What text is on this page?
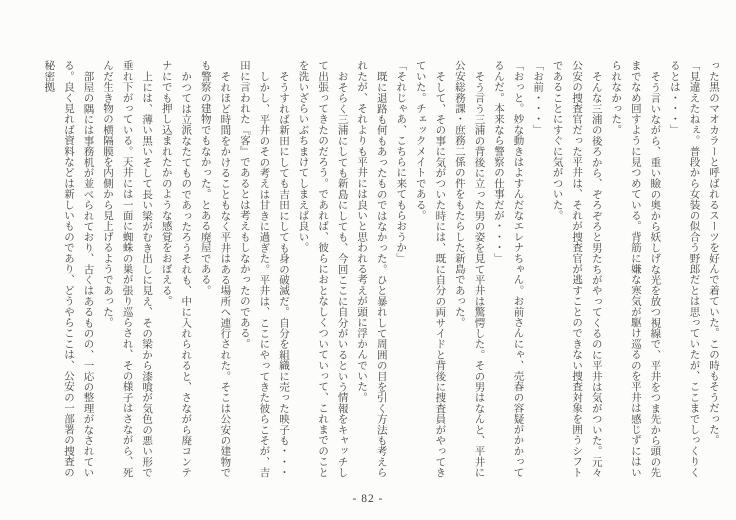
った黒のマオカラーと呼ばれるスーツを好んで着ていた。この時もそうだった。

「見違えたねぇ。普段から女装の似合う野郎だとは思っていたが、ここまでしっくりくるとは・・・」

そう言いながら、重い瞼の奥から妖しげな光を放つ視線で、平井をつま先から頭の先までなめ回すように見つめている。背筋に嫌な寒気が駆け巡るのを平井は感じずにはいられなかった。

そんな三浦の後ろから、ぞろぞろと男たちがやってくるのに平井は気がついた。元々公安の捜査官だった平井は、それが捜査官が逃すことのできない捜査対象を囲うシフトであることにすぐに気がついた。

「お前・・・」

「おっと。妙な動きはよすんだなエレナちゃん。お前さんにゃ、売春の容疑がかかってるんだ。本来なら警察の仕事だが・・・」

そう言う三浦の背後に立った男の姿を見て平井は驚愕した。その男はなんと、平井に公安総務課・庶務二係の件をもたらした新島であった。

そして、その事に気がついた時には、既に自分の両サイドと背後に捜査員がやってきていた。チェックメイトである。

「それじゃあ、こちらに来てもらおうか」

既に退路も何もあったものではなかった。ひと暴れして周囲の目を引く方法も考えられたが、それよりも平井には良いと思われる考えが頭に浮かんでいた。

おそらく三浦にしても新島にしても、今回ここに自分がいるという情報をキャッチして出張ってきたのだろう。であれば、彼らにおとなしくついていって、これまでのことを洗いざらいぶちまけてしまえば良い。

そうすれば新田にしても吉田にしても身の破滅だ。自分を組織に売った映子も・・・

しかし、平井のその考えは甘きに過ぎた。平井は、ここにやってきた彼らこそが、吉田に言われた『客』であるとは考えもしなかったのである。

それほど時間をかけることもなく平井はある場所へ連行された。そこは公安の建物でも警察の建物でもなかった。とある廃屋である。

かつては立派なたてものであったろうそれも、中に入れられると、さながら廃コンテナにでも押し込まれたかのような感覚をおぼえる。

上には、薄い黒いそして長い梁がむき出しに見え、その梁から漆喰が気色の悪い形で垂れ下がっている。天井には一面に蜘蛛の巣が張り巡らされ、その様子はさながら、死んだ生き物の横隔膜を内側から見上げるようであった。

部屋の隅には事務机が並べられており、古くはあるものの、一応の整理がなされている。良く見れば資料などは新しいものであり、どうやらここは、公安の一部署の捜査の秘密拠

- 82 -
